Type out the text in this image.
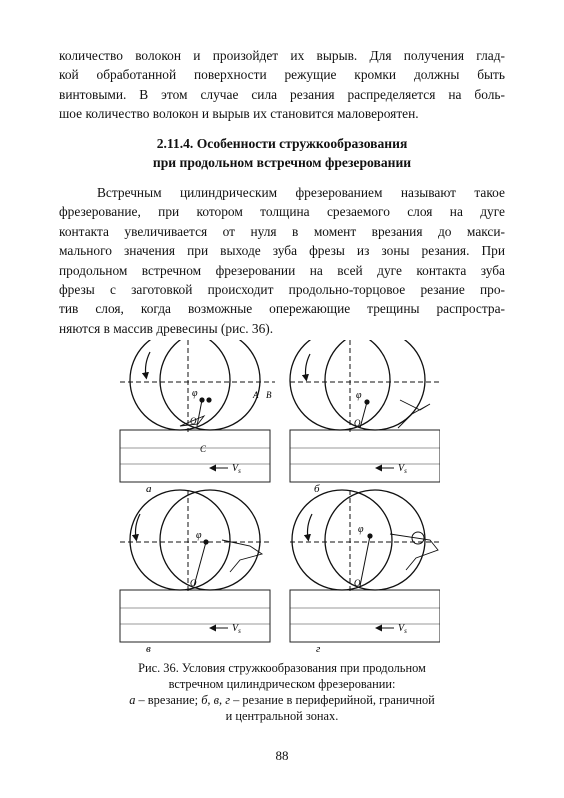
количество волокон и произойдет их вырыв. Для получения глад-
кой обработанной поверхности режущие кромки должны быть
винтовыми. В этом случае сила резания распределяется на боль-
шое количество волокон и вырыв их становится маловероятен.

2.11.4. Особенности стружкообразования
при продольном встречном фрезеровании

Встречным цилиндрическим фрезерованием называют такое
фрезерование, при котором толщина срезаемого слоя на дуге
контакта увеличивается от нуля в момент врезания до макси-
мального значения при выходе зуба фрезы из зоны резания. При
продольном встречном фрезеровании на всей дуге контакта зуба
фрезы с заготовкой происходит продольно-торцовое резание про-
тив слоя, когда возможные опережающие трещины распростра-
няются в массив древесины (рис. 36).

φ
O
A B
C
$V_s$
а
φ
O
$V_s$
б
φ
O
$V_s$
в
φ
O
$V_s$
г

Рис. 36. Условия стружкообразования при продольном
встречном цилиндрическом фрезеровании:
а – врезание; б, в, г – резание в периферийной, граничной
и центральной зонах.

88
